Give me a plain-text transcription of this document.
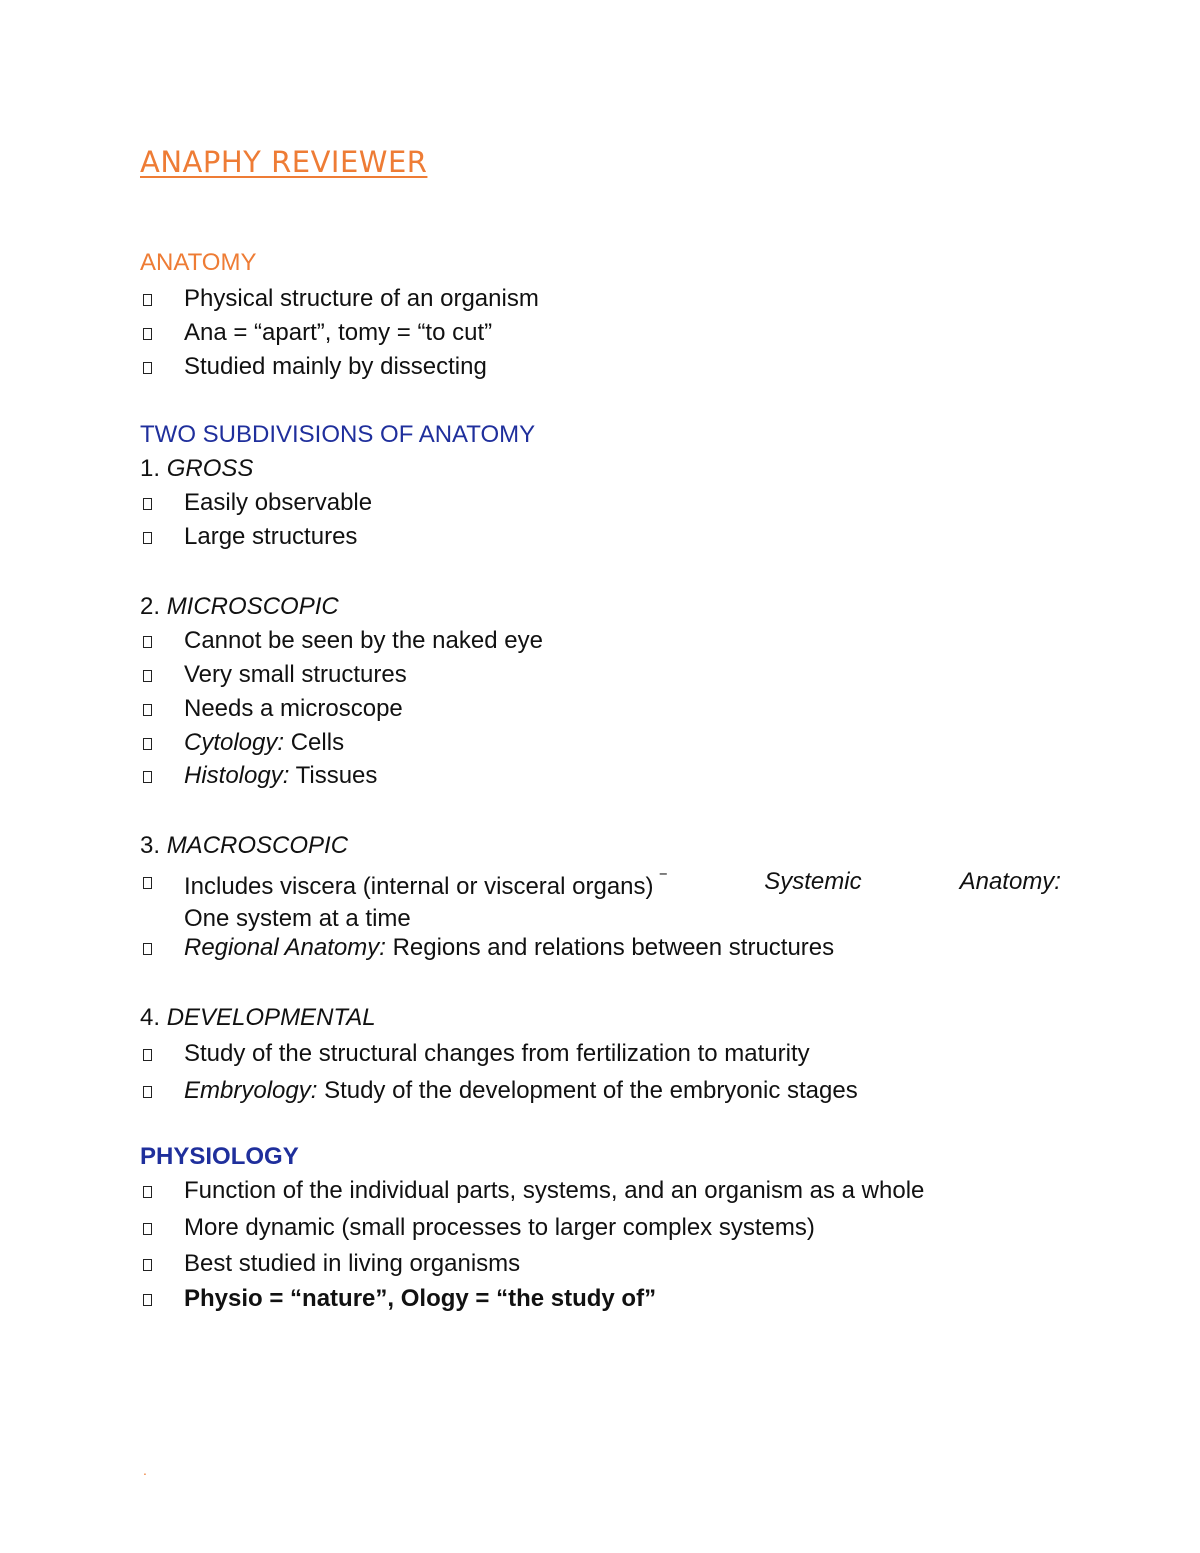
ANAPHY REVIEWER
ANATOMY
Physical structure of an organism
Ana = “apart”, tomy = “to cut”
Studied mainly by dissecting
TWO SUBDIVISIONS OF ANATOMY
1. GROSS
Easily observable
Large structures
2. MICROSCOPIC
Cannot be seen by the naked eye
Very small structures
Needs a microscope
Cytology: Cells
Histology: Tissues
3. MACROSCOPIC
Includes viscera (internal or visceral organs) ‾	Systemic	Anatomy:
One system at a time
Regional Anatomy: Regions and relations between structures
4. DEVELOPMENTAL
Study of the structural changes from fertilization to maturity
Embryology: Study of the development of the embryonic stages
PHYSIOLOGY
Function of the individual parts, systems, and an organism as a whole
More dynamic (small processes to larger complex systems)
Best studied in living organisms
Physio = “nature”, Ology = “the study of”
.
